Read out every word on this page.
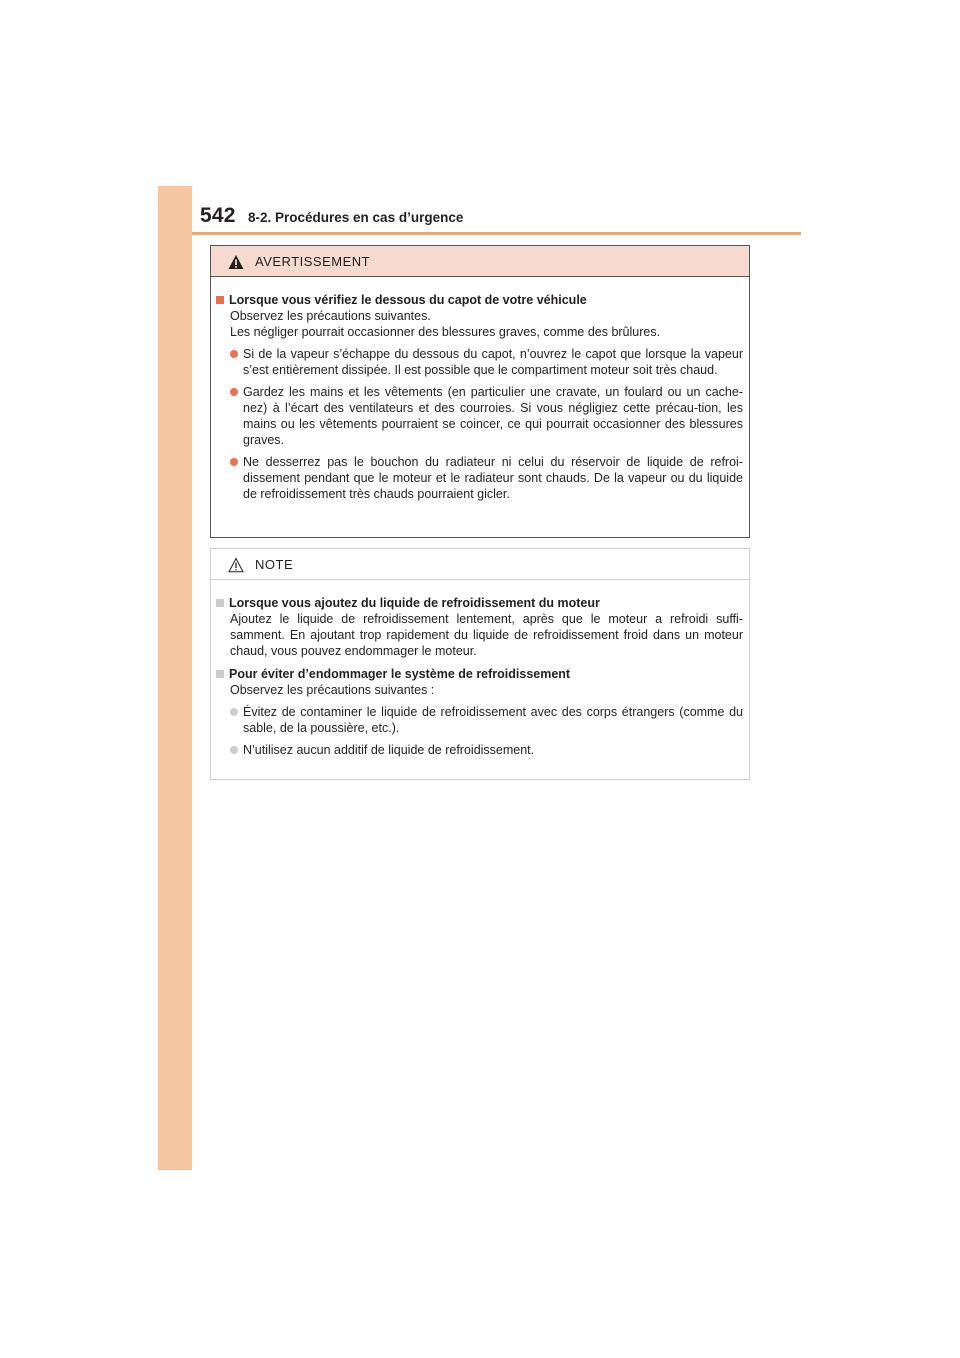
542 8-2. Procédures en cas d’urgence
AVERTISSEMENT
Lorsque vous vérifiez le dessous du capot de votre véhicule
Observez les précautions suivantes.
Les négliger pourrait occasionner des blessures graves, comme des brûlures.
Si de la vapeur s’échappe du dessous du capot, n’ouvrez le capot que lorsque la vapeur s’est entièrement dissipée. Il est possible que le compartiment moteur soit très chaud.
Gardez les mains et les vêtements (en particulier une cravate, un foulard ou un cache-nez) à l’écart des ventilateurs et des courroies. Si vous négligiez cette précau-tion, les mains ou les vêtements pourraient se coincer, ce qui pourrait occasionner des blessures graves.
Ne desserrez pas le bouchon du radiateur ni celui du réservoir de liquide de refroi-dissement pendant que le moteur et le radiateur sont chauds. De la vapeur ou du liquide de refroidissement très chauds pourraient gicler.
NOTE
Lorsque vous ajoutez du liquide de refroidissement du moteur
Ajoutez le liquide de refroidissement lentement, après que le moteur a refroidi suffi-samment. En ajoutant trop rapidement du liquide de refroidissement froid dans un moteur chaud, vous pouvez endommager le moteur.
Pour éviter d’endommager le système de refroidissement
Observez les précautions suivantes :
Évitez de contaminer le liquide de refroidissement avec des corps étrangers (comme du sable, de la poussière, etc.).
N’utilisez aucun additif de liquide de refroidissement.
